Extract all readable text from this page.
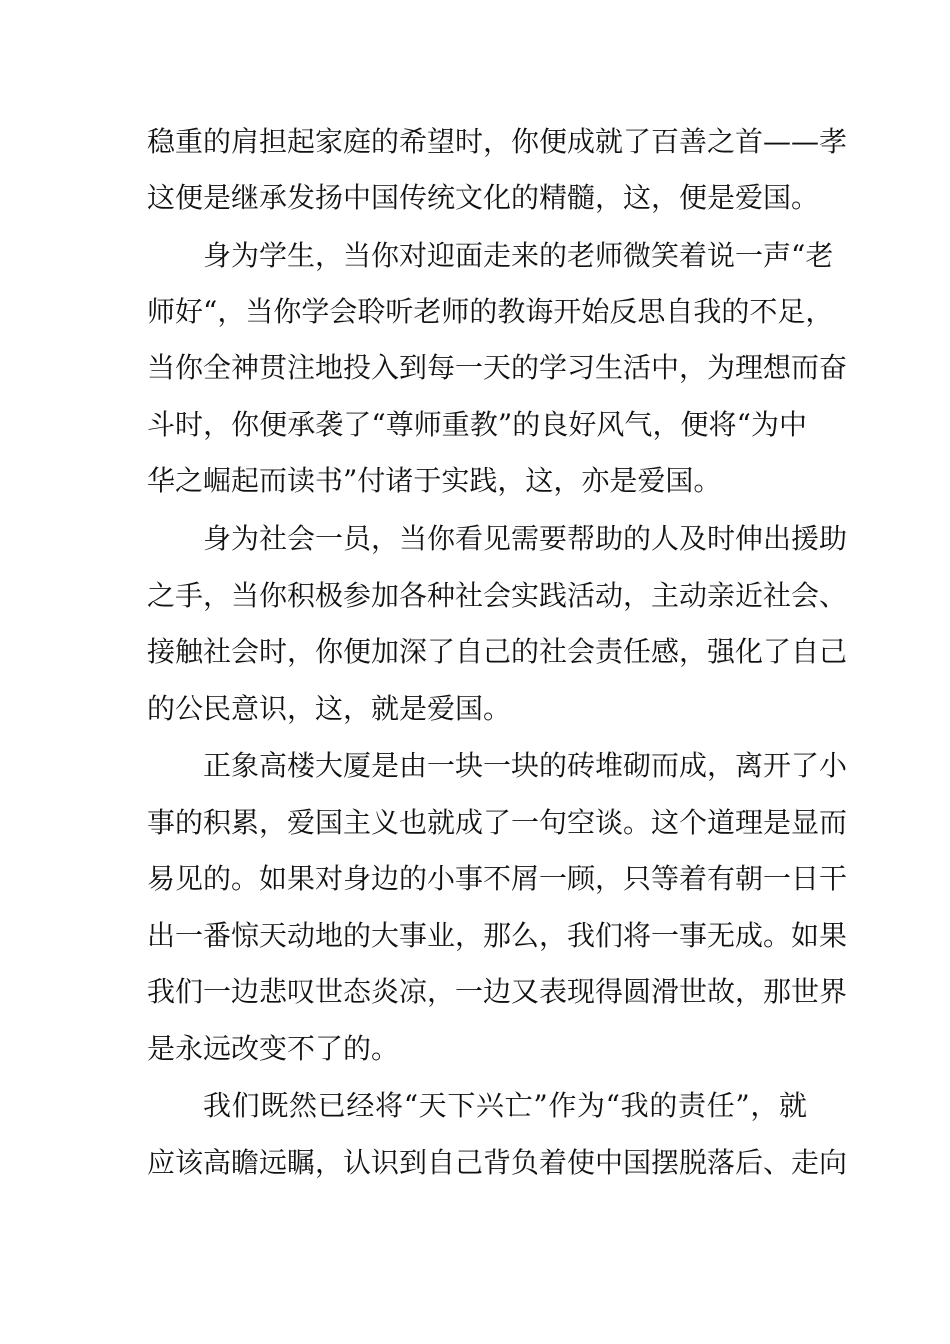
稳重的肩担起家庭的希望时，你便成就了百善之首——孝
这便是继承发扬中国传统文化的精髓，这，便是爱国。
身为学生，当你对迎面走来的老师微笑着说一声“老
师好“，当你学会聆听老师的教诲开始反思自我的不足，
当你全神贯注地投入到每一天的学习生活中，为理想而奋
斗时，你便承袭了“尊师重教”的良好风气，便将“为中
华之崛起而读书”付诸于实践，这，亦是爱国。
身为社会一员，当你看见需要帮助的人及时伸出援助
之手，当你积极参加各种社会实践活动，主动亲近社会、
接触社会时，你便加深了自己的社会责任感，强化了自己
的公民意识，这，就是爱国。
正象高楼大厦是由一块一块的砖堆砌而成，离开了小
事的积累，爱国主义也就成了一句空谈。这个道理是显而
易见的。如果对身边的小事不屑一顾，只等着有朝一日干
出一番惊天动地的大事业，那么，我们将一事无成。如果
我们一边悲叹世态炎凉，一边又表现得圆滑世故，那世界
是永远改变不了的。
我们既然已经将“天下兴亡”作为“我的责任”，就
应该高瞻远瞩，认识到自己背负着使中国摆脱落后、走向
